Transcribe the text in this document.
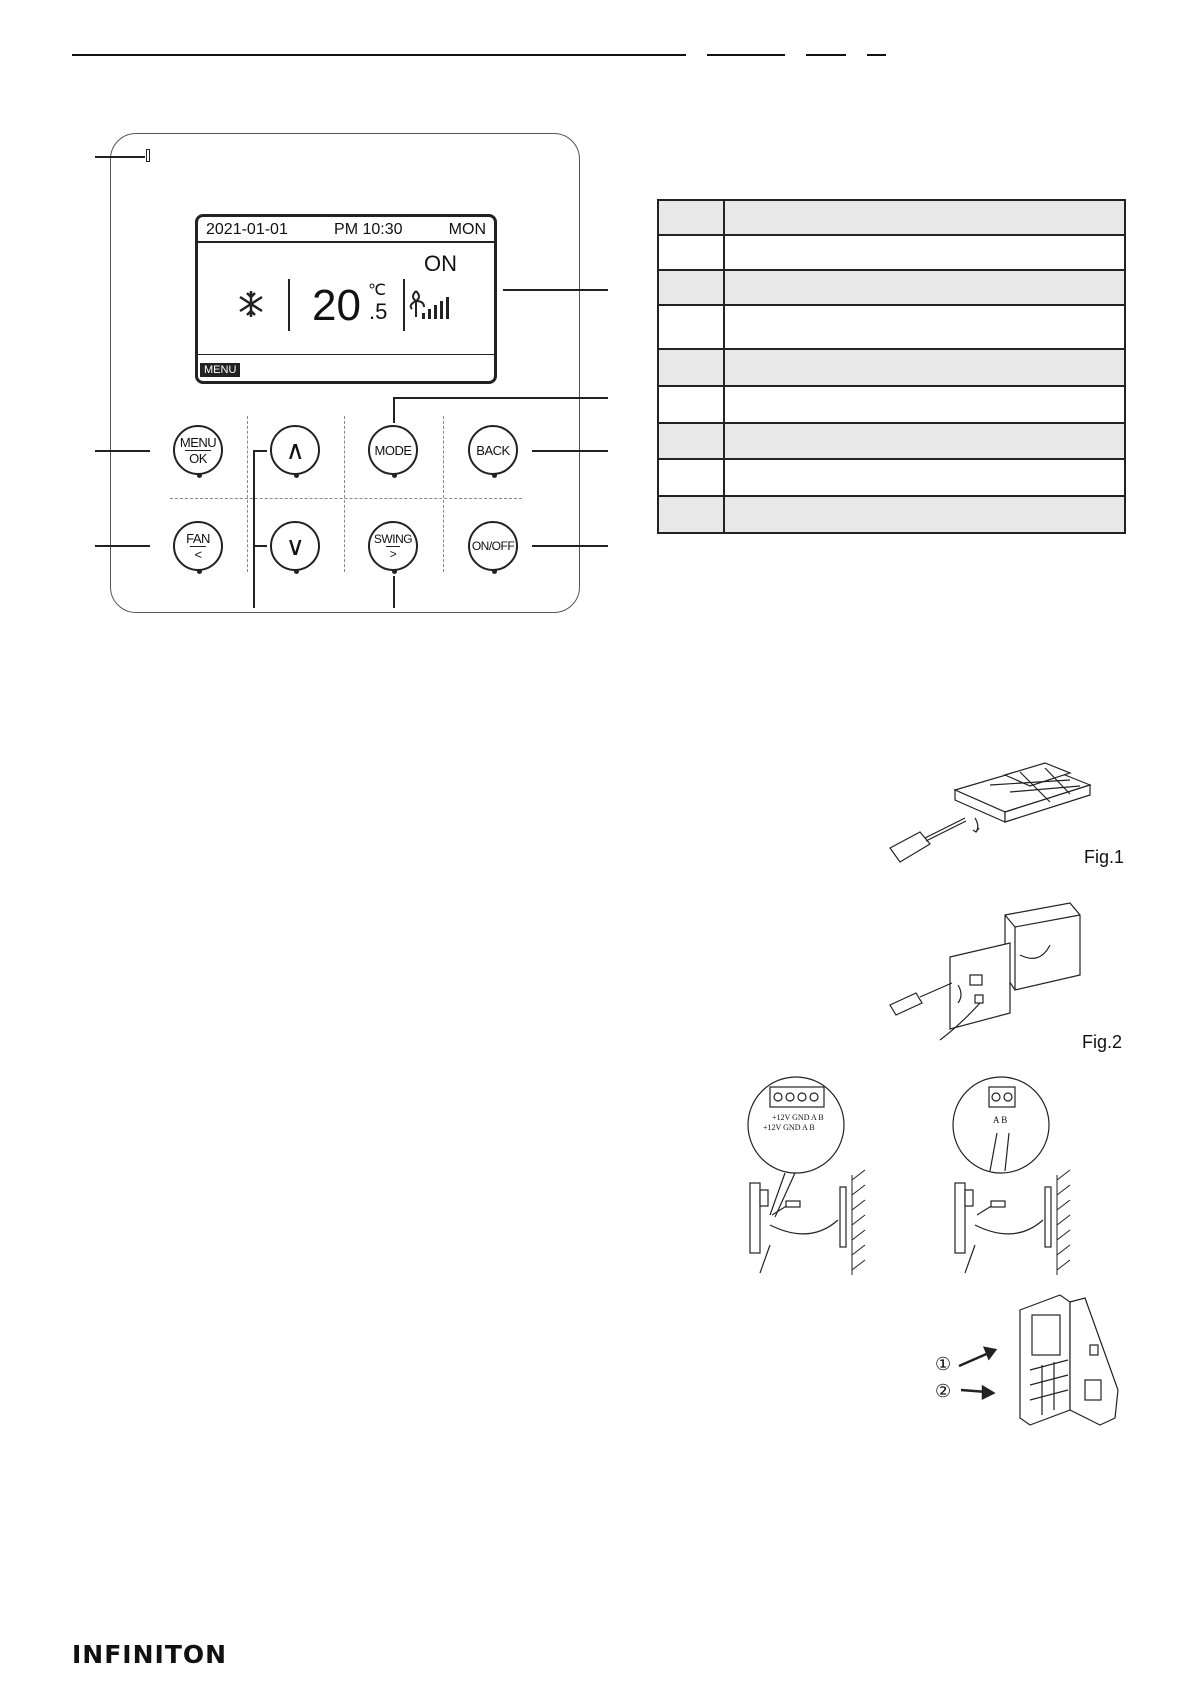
2021-01-01	PM 10:30	MON
ON
20 ℃
.5
MENU
MENU
OK	∧	MODE	BACK
FAN
<	∨	SWING
>
ON/OFF

Fig.1
Fig.2
+12V GND A B
+12V GND A B
A B
①
②
INFINITON
